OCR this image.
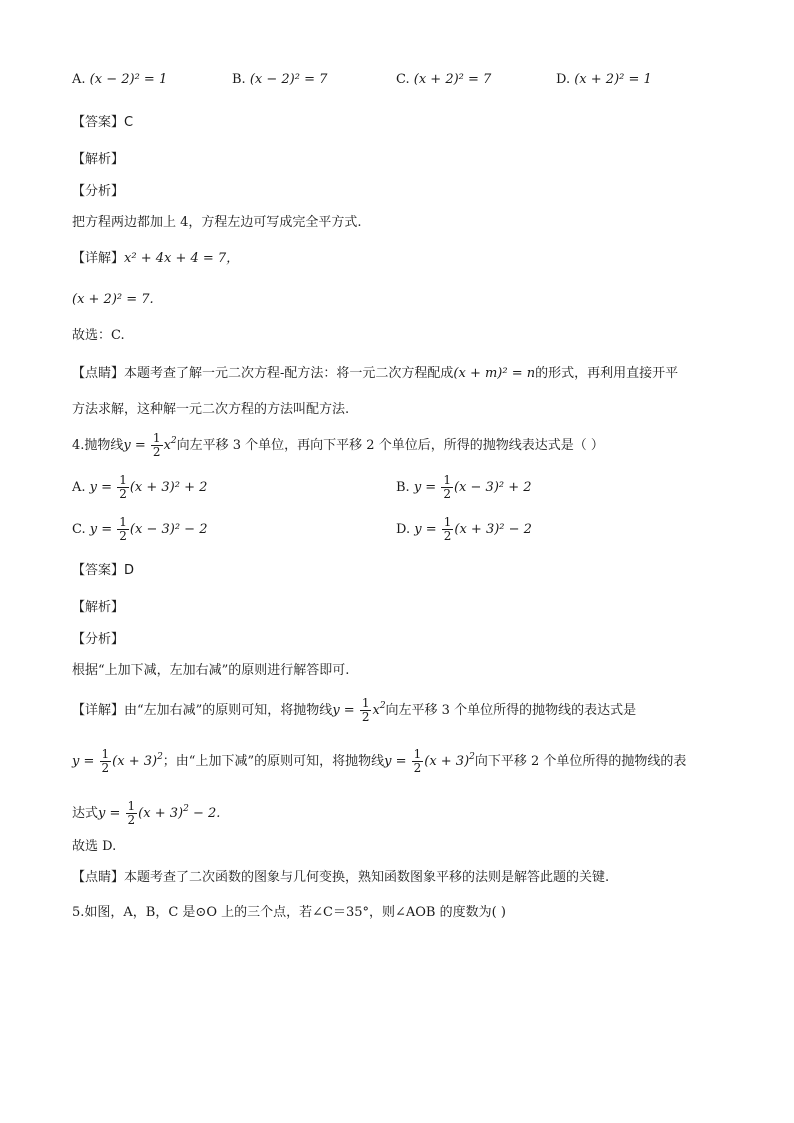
A. (x − 2)² = 1	B. (x − 2)² = 7	C. (x + 2)² = 7	D. (x + 2)² = 1
【答案】C
【解析】
【分析】
把方程两边都加上 4，方程左边可写成完全平方式.
【详解】x² + 4x + 4 = 7，
(x + 2)² = 7.
故选：C.
【点睛】本题考查了解一元二次方程-配方法：将一元二次方程配成(x + m)² = n的形式，再利用直接开平
方法求解，这种解一元二次方程的方法叫配方法.
4.抛物线$y = \frac{1}{2} x^2$向左平移 3 个单位，再向下平移 2 个单位后，所得的抛物线表达式是（ ）
A. $y = \frac{1}{2} (x + 3)^2 + 2$	B. $y = \frac{1}{2} (x - 3)^2 + 2$
C. $y = \frac{1}{2} (x - 3)^2 - 2$	D. $y = \frac{1}{2} (x + 3)^2 - 2$
【答案】D
【解析】
【分析】
根据“上加下减，左加右减”的原则进行解答即可.
【详解】由“左加右减”的原则可知，将抛物线$y = \frac{1}{2} x^2$向左平移 3 个单位所得的抛物线的表达式是
$y = \frac{1}{2} (x + 3)^2$；由“上加下减”的原则可知，将抛物线$y = \frac{1}{2} (x + 3)^2$向下平移 2 个单位所得的抛物线的表
达式$y = \frac{1}{2} (x + 3)^2 - 2$.
故选 D.
【点睛】本题考查了二次函数的图象与几何变换，熟知函数图象平移的法则是解答此题的关键.
5.如图，A，B，C 是⊙O 上的三个点，若∠C＝35°，则∠AOB 的度数为( )
